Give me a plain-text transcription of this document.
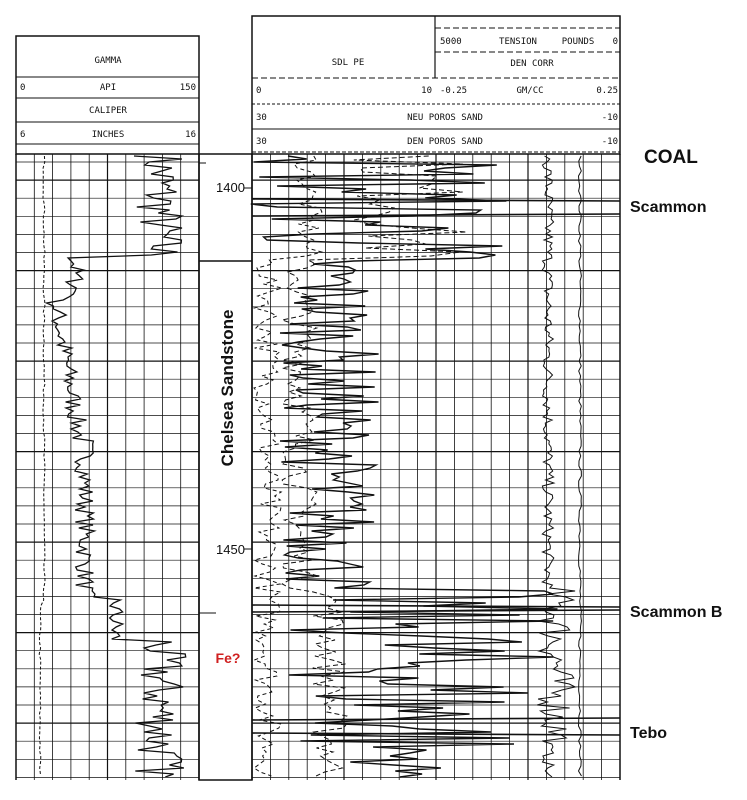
GAMMA
0	API	150
CALIPER
6	INCHES	16
SDL PE
0	10
5000	TENSION	POUNDS 0
DEN CORR
-0.25	GM/CC	0.25
30	NEU POROS SAND	-10
30	DEN POROS SAND	-10
1400
1450
Chelsea Sandstone
Fe?
COAL
Scammon
Scammon B
Tebo
